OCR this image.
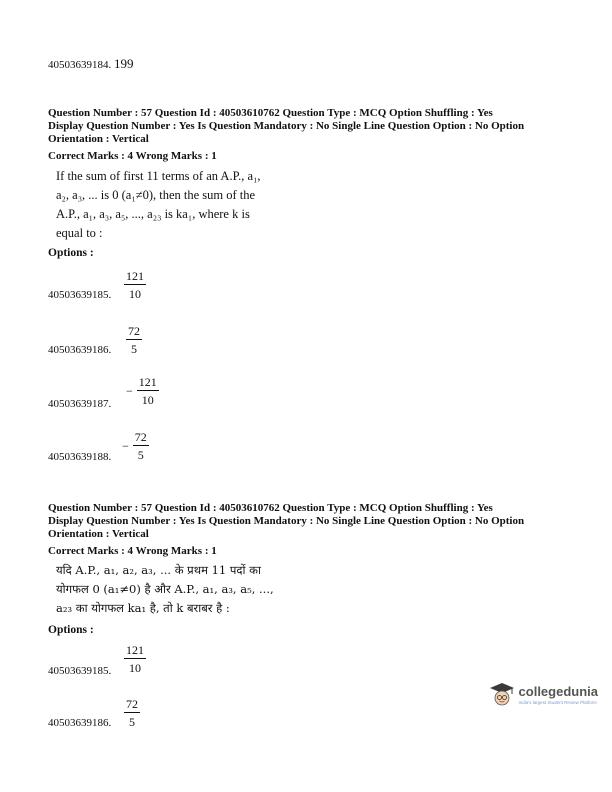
40503639184. 199
Question Number : 57 Question Id : 40503610762 Question Type : MCQ Option Shuffling : Yes
Display Question Number : Yes Is Question Mandatory : No Single Line Question Option : No Option
Orientation : Vertical
Correct Marks : 4 Wrong Marks : 1
If the sum of first 11 terms of an A.P., a₁,
a₂, a₃, ... is 0 (a₁≠0), then the sum of the
A.P., a₁, a₃, a₅, ..., a₂₃ is ka₁, where k is
equal to :
Options :
121
10
40503639185.
72
5
40503639186.
− $\frac{121}{10}$
40503639187.
− $\frac{72}{5}$
40503639188.
Question Number : 57 Question Id : 40503610762 Question Type : MCQ Option Shuffling : Yes
Display Question Number : Yes Is Question Mandatory : No Single Line Question Option : No Option
Orientation : Vertical
Correct Marks : 4 Wrong Marks : 1
यदि A.P., a₁, a₂, a₃, ... के प्रथम 11 पदों का
योगफल 0 (a₁≠0) है और A.P., a₁, a₃, a₅, ...,
a₂₃ का योगफल ka₁ है, तो k बराबर है :
Options :
121
10
40503639185.
72
5
40503639186.
collegedunia
India's largest Student Review Platform
